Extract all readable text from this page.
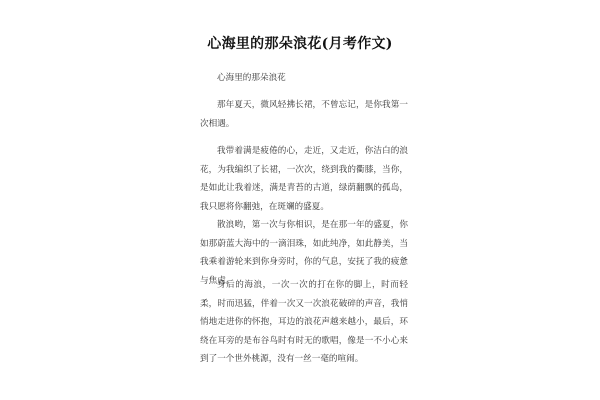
心海里的那朵浪花(月考作文)

心海里的那朵浪花

那年夏天，微风轻拂长裙，不曾忘记，是你我第一次相遇。

我带着满是疲倦的心，走近，又走近，你洁白的浪花，为我编织了长裙，一次次，绕到我的衢膝，当你，是如此让我着迷，满是青苔的古道，绿荫翻飘的孤岛，我只愿将你翻弛，在斑斓的盛夏。

散浪哟，第一次与你相识，是在那一年的盛夏，你如那蔚蓝大海中的一滴泪珠，如此纯净，如此静美，当我乘着游轮来到你身旁时，你的气息，安抚了我的疲惫与焦虑。

身后的海浪，一次一次的打在你的脚上，时而轻柔，时而迅猛，伴着一次又一次浪花破碎的声音，我悄悄地走进你的怀抱，耳边的浪花声越来越小，最后，环绕在耳旁的是布谷鸟时有时无的歌唱，像是一不小心来到了一个世外桃源，没有一丝一毫的喧闹。
